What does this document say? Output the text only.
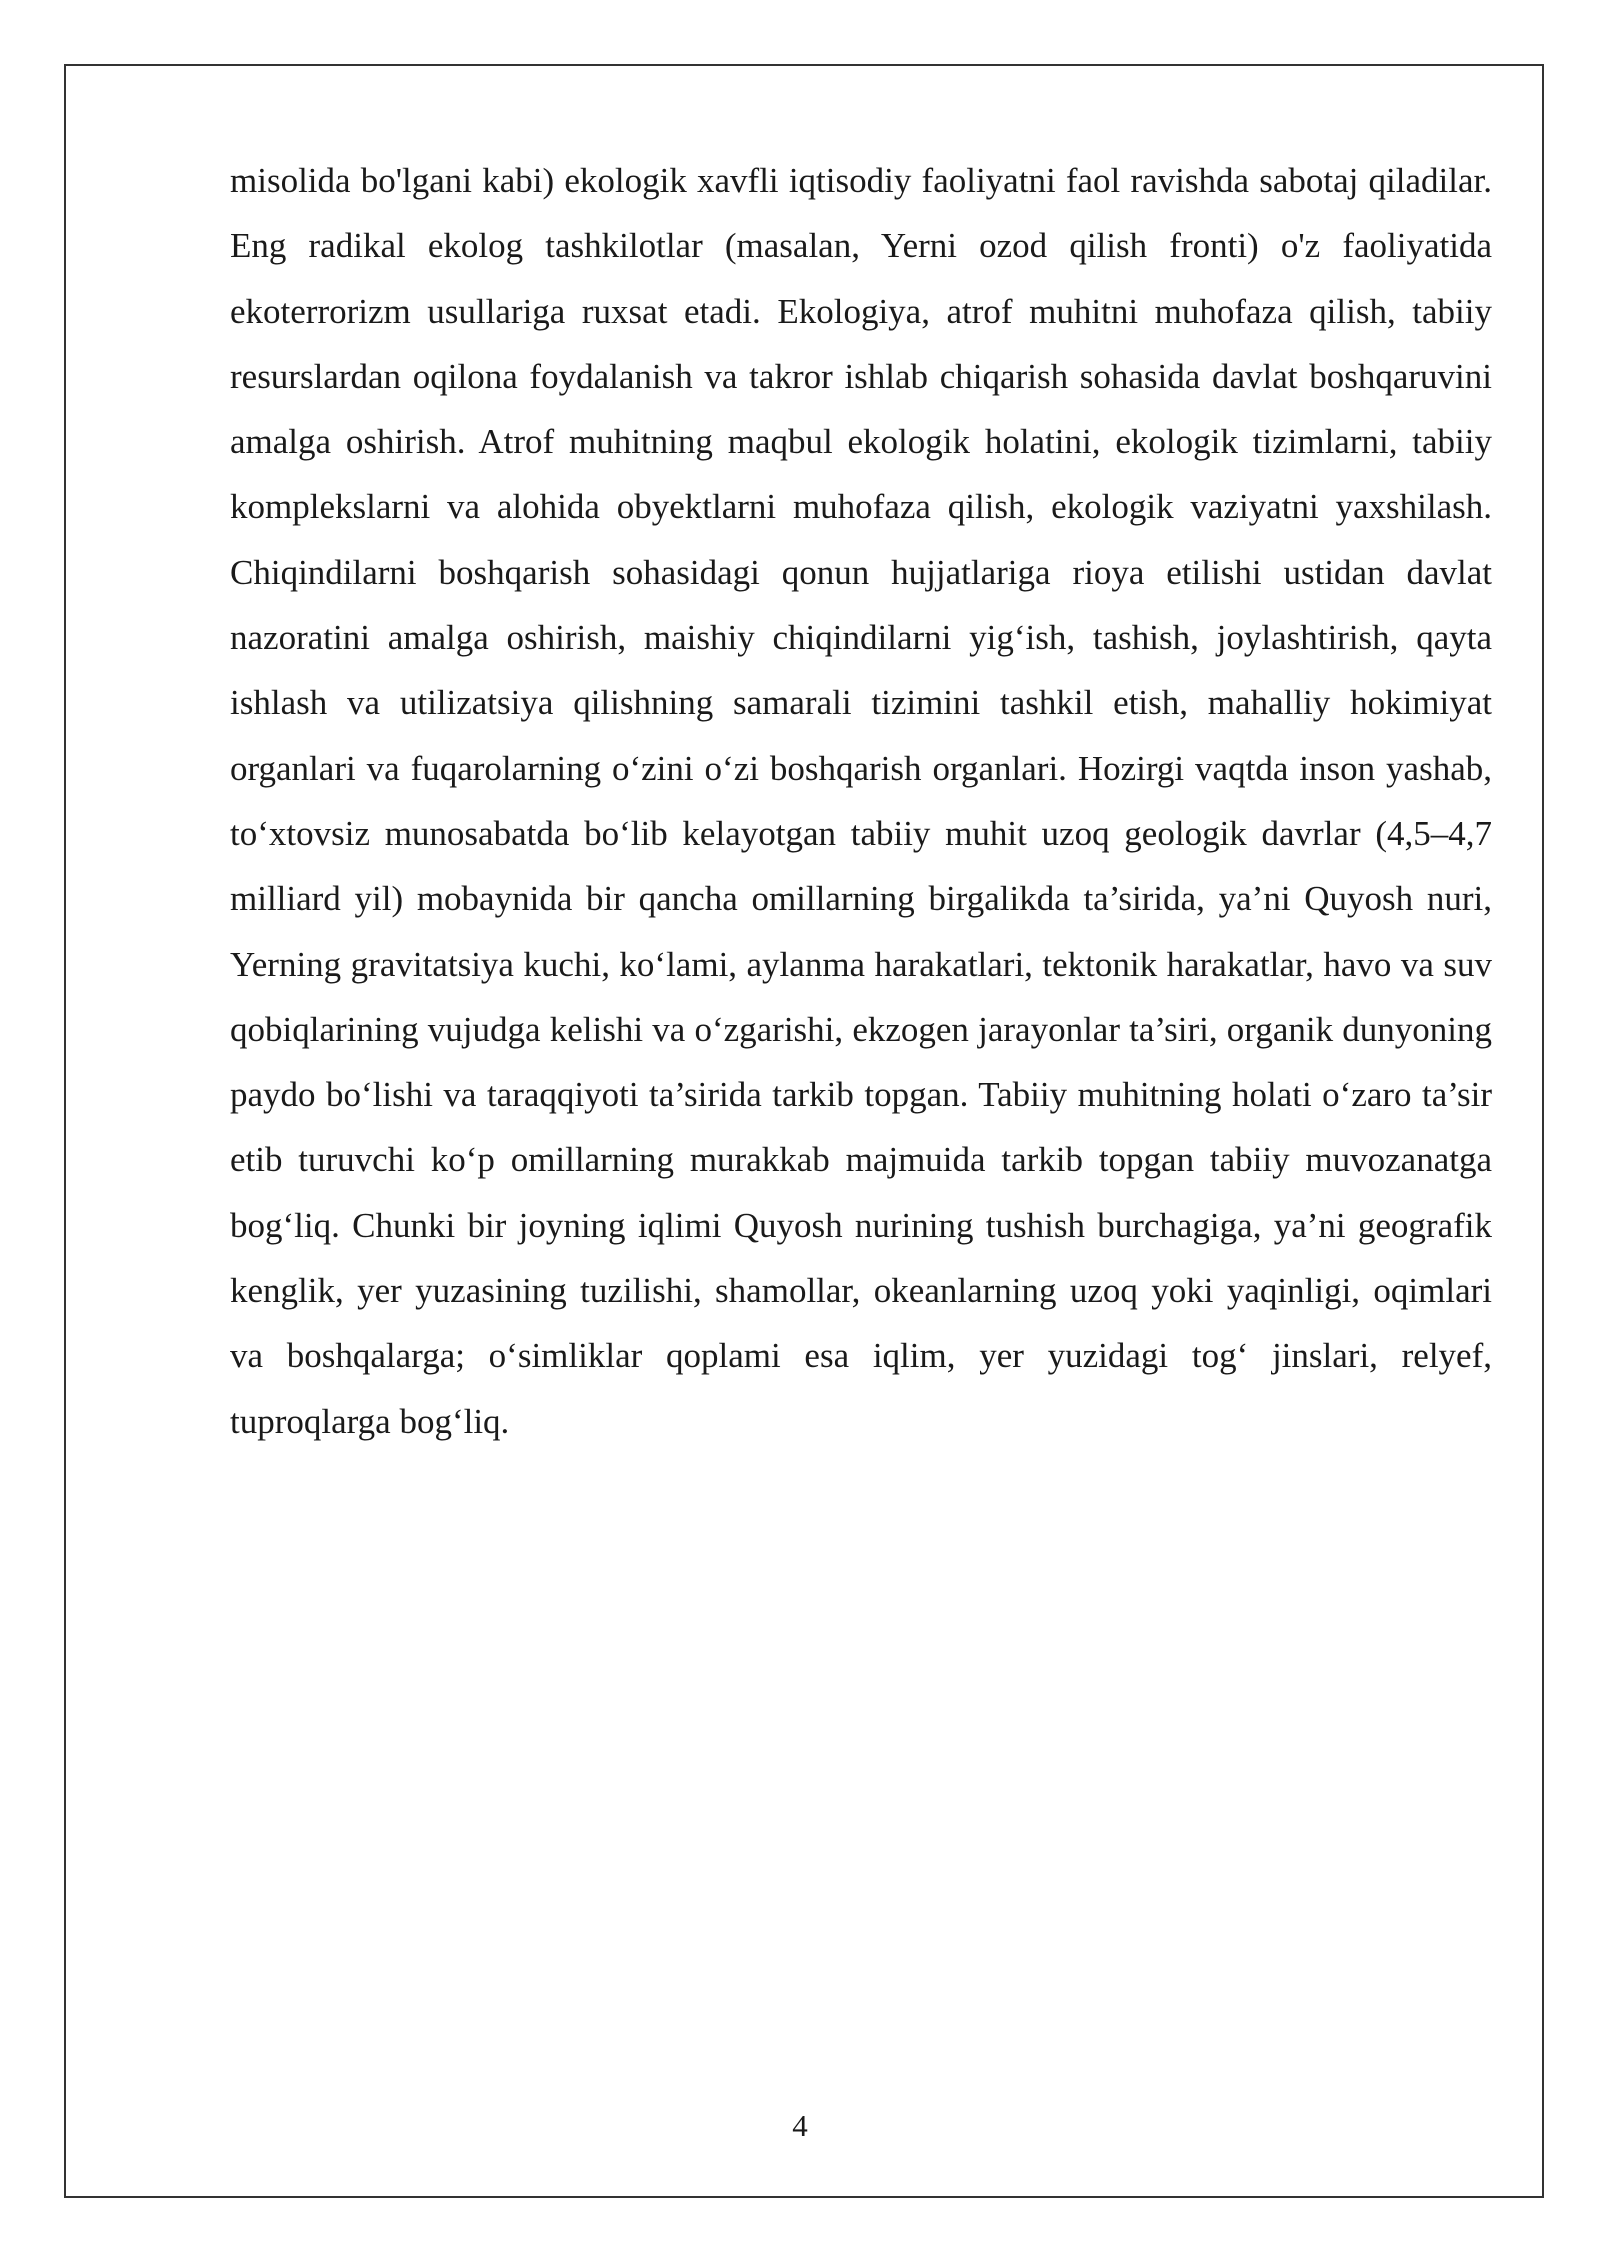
misolida bo'lgani kabi) ekologik xavfli iqtisodiy faoliyatni faol ravishda sabotaj qiladilar. Eng radikal ekolog tashkilotlar (masalan, Yerni ozod qilish fronti) o'z faoliyatida ekoterrorizm usullariga ruxsat etadi. Ekologiya, atrof muhitni muhofaza qilish, tabiiy resurslardan oqilona foydalanish va takror ishlab chiqarish sohasida davlat boshqaruvini amalga oshirish. Atrof muhitning maqbul ekologik holatini, ekologik tizimlarni, tabiiy komplekslarni va alohida obyektlarni muhofaza qilish, ekologik vaziyatni yaxshilash. Chiqindilarni boshqarish sohasidagi qonun hujjatlariga rioya etilishi ustidan davlat nazoratini amalga oshirish, maishiy chiqindilarni yig‘ish, tashish, joylashtirish, qayta ishlash va utilizatsiya qilishning samarali tizimini tashkil etish, mahalliy hokimiyat organlari va fuqarolarning o‘zini o‘zi boshqarish organlari. Hozirgi vaqtda inson yashab, to‘xtovsiz munosabatda bo‘lib kelayotgan tabiiy muhit uzoq geologik davrlar (4,5–4,7 milliard yil) mobaynida bir qancha omillarning birgalikda ta’sirida, ya’ni Quyosh nuri, Yerning gravitatsiya kuchi, ko‘lami, aylanma harakatlari, tektonik harakatlar, havo va suv qobiqlarining vujudga kelishi va o‘zgarishi, ekzogen jarayonlar ta’siri, organik dunyoning paydo bo‘lishi va taraqqiyoti ta’sirida tarkib topgan. Tabiiy muhitning holati o‘zaro ta’sir etib turuvchi ko‘p omillarning murakkab majmuida tarkib topgan tabiiy muvozanatga bog‘liq. Chunki bir joyning iqlimi Quyosh nurining tushish burchagiga, ya’ni geografik kenglik, yer yuzasining tuzilishi, shamollar, okeanlarning uzoq yoki yaqinligi, oqimlari va boshqalarga; o‘simliklar qoplami esa iqlim, yer yuzidagi tog‘ jinslari, relyef, tuproqlarga bog‘liq.

4
